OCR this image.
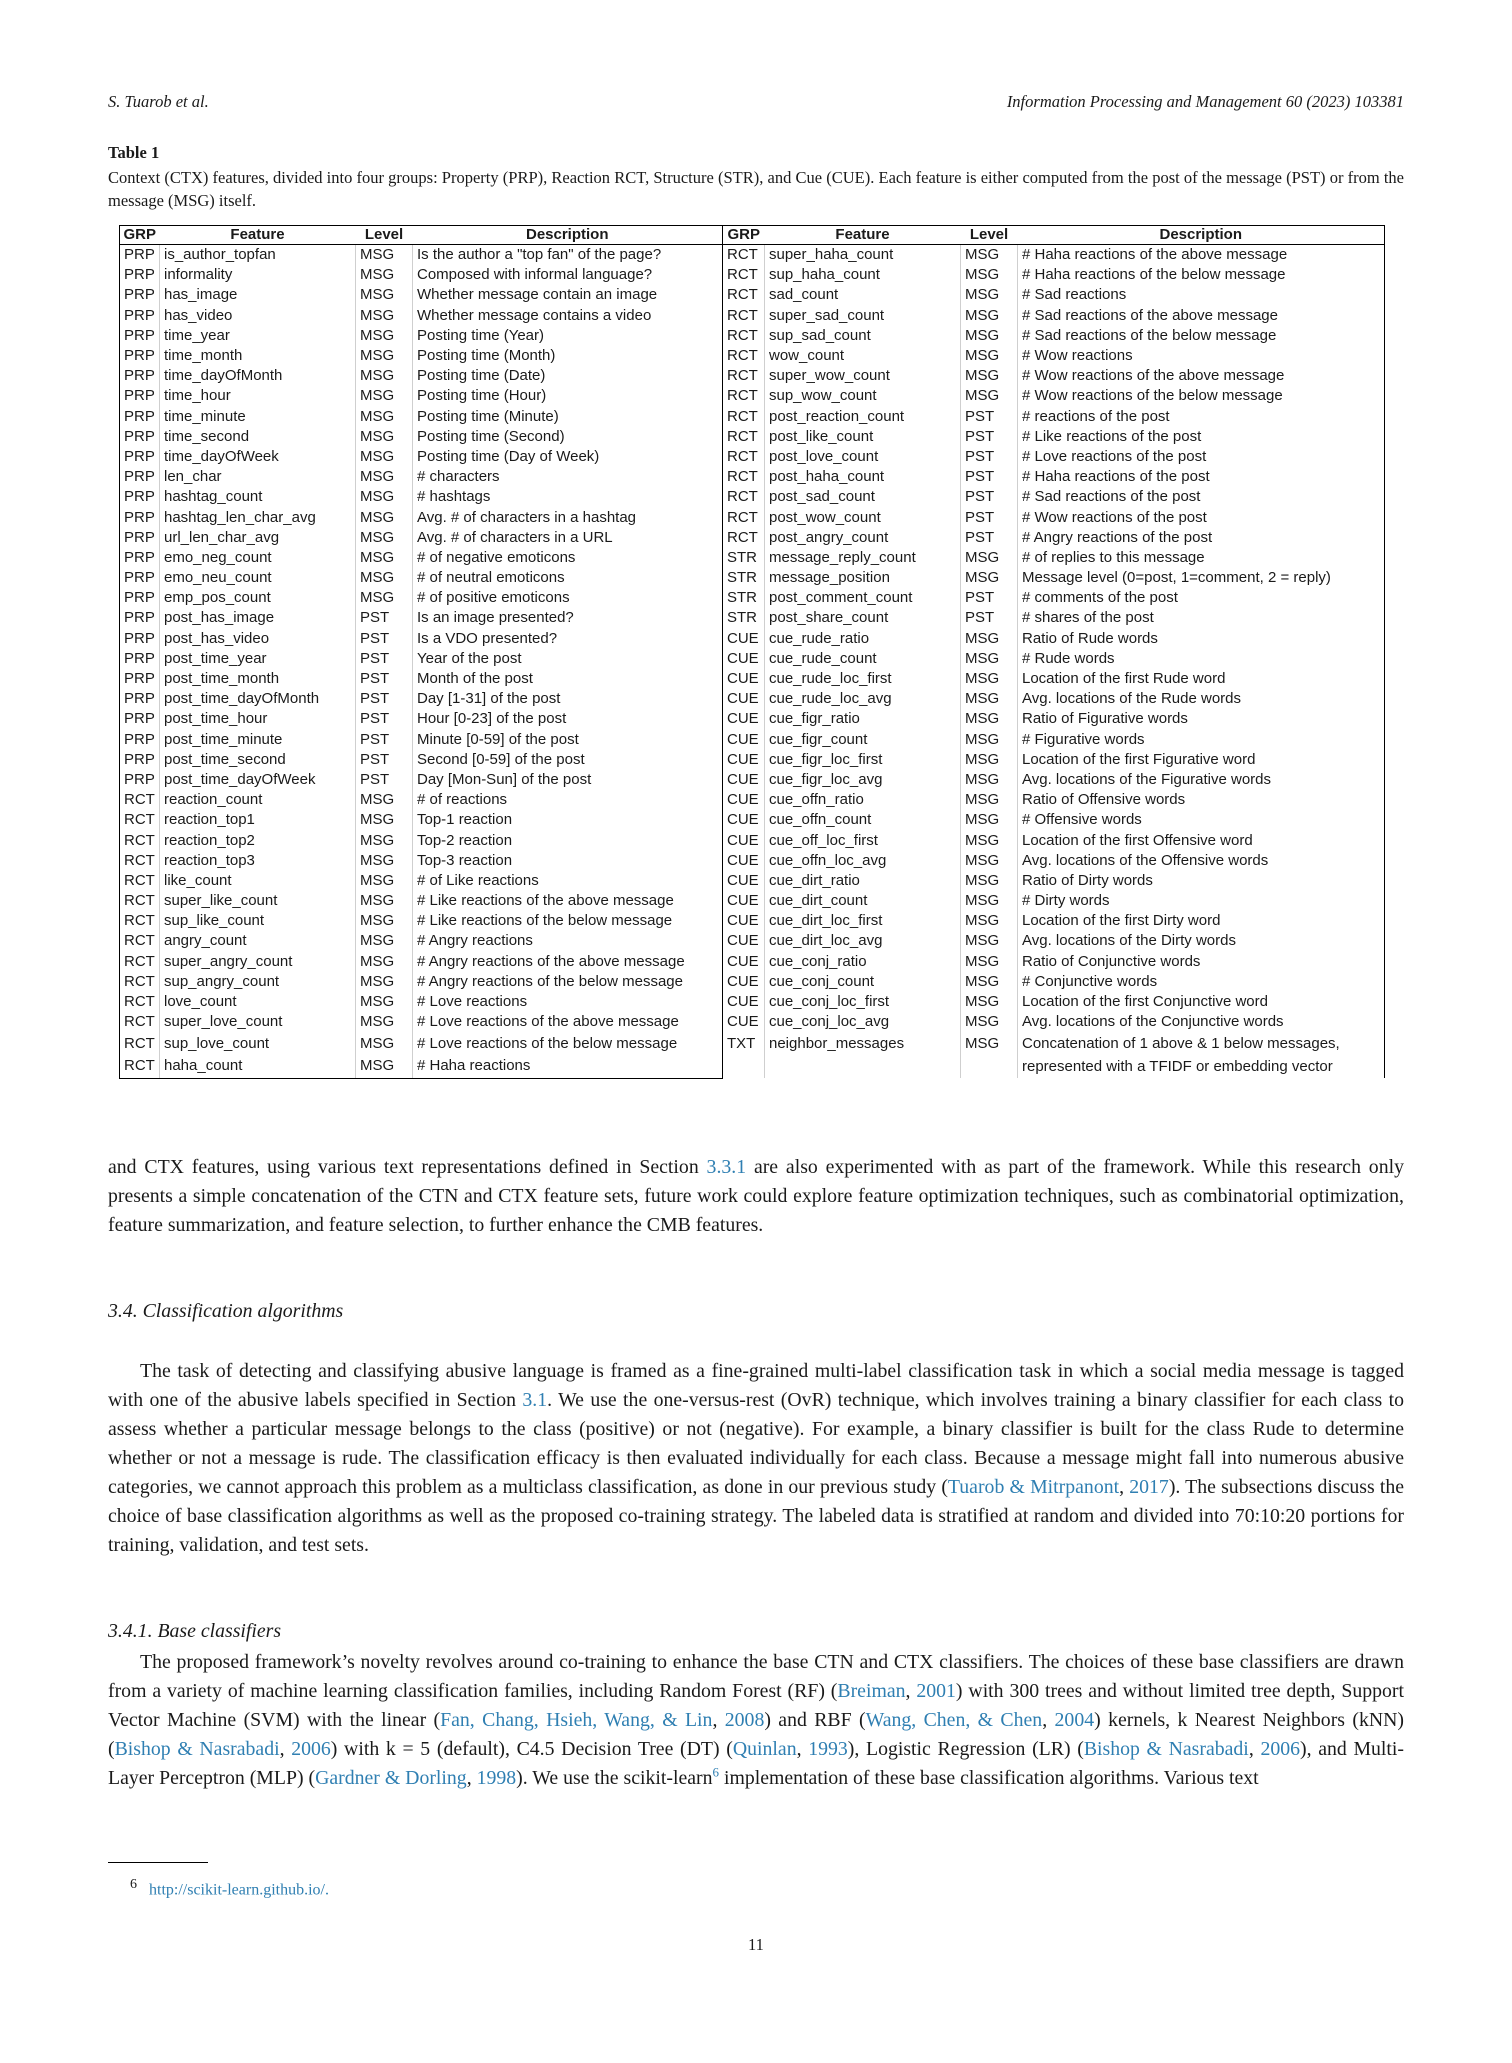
S. Tuarob et al.	Information Processing and Management 60 (2023) 103381
Table 1
Context (CTX) features, divided into four groups: Property (PRP), Reaction RCT, Structure (STR), and Cue (CUE). Each feature is either computed from the post of the message (PST) or from the message (MSG) itself.
GRP	Feature	Level	Description	GRP	Feature	Level	Description
PRP	is_author_topfan	MSG	Is the author a "top fan" of the page?	RCT	super_haha_count	MSG	# Haha reactions of the above message
PRP	informality	MSG	Composed with informal language?	RCT	sup_haha_count	MSG	# Haha reactions of the below message
PRP	has_image	MSG	Whether message contain an image	RCT	sad_count	MSG	# Sad reactions
PRP	has_video	MSG	Whether message contains a video	RCT	super_sad_count	MSG	# Sad reactions of the above message
PRP	time_year	MSG	Posting time (Year)	RCT	sup_sad_count	MSG	# Sad reactions of the below message
PRP	time_month	MSG	Posting time (Month)	RCT	wow_count	MSG	# Wow reactions
PRP	time_dayOfMonth	MSG	Posting time (Date)	RCT	super_wow_count	MSG	# Wow reactions of the above message
PRP	time_hour	MSG	Posting time (Hour)	RCT	sup_wow_count	MSG	# Wow reactions of the below message
PRP	time_minute	MSG	Posting time (Minute)	RCT	post_reaction_count	PST	# reactions of the post
PRP	time_second	MSG	Posting time (Second)	RCT	post_like_count	PST	# Like reactions of the post
PRP	time_dayOfWeek	MSG	Posting time (Day of Week)	RCT	post_love_count	PST	# Love reactions of the post
PRP	len_char	MSG	# characters	RCT	post_haha_count	PST	# Haha reactions of the post
PRP	hashtag_count	MSG	# hashtags	RCT	post_sad_count	PST	# Sad reactions of the post
PRP	hashtag_len_char_avg	MSG	Avg. # of characters in a hashtag	RCT	post_wow_count	PST	# Wow reactions of the post
PRP	url_len_char_avg	MSG	Avg. # of characters in a URL	RCT	post_angry_count	PST	# Angry reactions of the post
PRP	emo_neg_count	MSG	# of negative emoticons	STR	message_reply_count	MSG	# of replies to this message
PRP	emo_neu_count	MSG	# of neutral emoticons	STR	message_position	MSG	Message level (0=post, 1=comment, 2 = reply)
PRP	emp_pos_count	MSG	# of positive emoticons	STR	post_comment_count	PST	# comments of the post
PRP	post_has_image	PST	Is an image presented?	STR	post_share_count	PST	# shares of the post
PRP	post_has_video	PST	Is a VDO presented?	CUE	cue_rude_ratio	MSG	Ratio of Rude words
PRP	post_time_year	PST	Year of the post	CUE	cue_rude_count	MSG	# Rude words
PRP	post_time_month	PST	Month of the post	CUE	cue_rude_loc_first	MSG	Location of the first Rude word
PRP	post_time_dayOfMonth	PST	Day [1-31] of the post	CUE	cue_rude_loc_avg	MSG	Avg. locations of the Rude words
PRP	post_time_hour	PST	Hour [0-23] of the post	CUE	cue_figr_ratio	MSG	Ratio of Figurative words
PRP	post_time_minute	PST	Minute [0-59] of the post	CUE	cue_figr_count	MSG	# Figurative words
PRP	post_time_second	PST	Second [0-59] of the post	CUE	cue_figr_loc_first	MSG	Location of the first Figurative word
PRP	post_time_dayOfWeek	PST	Day [Mon-Sun] of the post	CUE	cue_figr_loc_avg	MSG	Avg. locations of the Figurative words
RCT	reaction_count	MSG	# of reactions	CUE	cue_offn_ratio	MSG	Ratio of Offensive words
RCT	reaction_top1	MSG	Top-1 reaction	CUE	cue_offn_count	MSG	# Offensive words
RCT	reaction_top2	MSG	Top-2 reaction	CUE	cue_off_loc_first	MSG	Location of the first Offensive word
RCT	reaction_top3	MSG	Top-3 reaction	CUE	cue_offn_loc_avg	MSG	Avg. locations of the Offensive words
RCT	like_count	MSG	# of Like reactions	CUE	cue_dirt_ratio	MSG	Ratio of Dirty words
RCT	super_like_count	MSG	# Like reactions of the above message	CUE	cue_dirt_count	MSG	# Dirty words
RCT	sup_like_count	MSG	# Like reactions of the below message	CUE	cue_dirt_loc_first	MSG	Location of the first Dirty word
RCT	angry_count	MSG	# Angry reactions	CUE	cue_dirt_loc_avg	MSG	Avg. locations of the Dirty words
RCT	super_angry_count	MSG	# Angry reactions of the above message	CUE	cue_conj_ratio	MSG	Ratio of Conjunctive words
RCT	sup_angry_count	MSG	# Angry reactions of the below message	CUE	cue_conj_count	MSG	# Conjunctive words
RCT	love_count	MSG	# Love reactions	CUE	cue_conj_loc_first	MSG	Location of the first Conjunctive word
RCT	super_love_count	MSG	# Love reactions of the above message	CUE	cue_conj_loc_avg	MSG	Avg. locations of the Conjunctive words
RCT	sup_love_count	MSG	# Love reactions of the below message	TXT	neighbor_messages	MSG	Concatenation of 1 above & 1 below messages, represented with a TFIDF or embedding vector
RCT	haha_count	MSG	# Haha reactions				
and CTX features, using various text representations defined in Section 3.3.1 are also experimented with as part of the framework. While this research only presents a simple concatenation of the CTN and CTX feature sets, future work could explore feature optimization techniques, such as combinatorial optimization, feature summarization, and feature selection, to further enhance the CMB features.
3.4. Classification algorithms
The task of detecting and classifying abusive language is framed as a fine-grained multi-label classification task in which a social media message is tagged with one of the abusive labels specified in Section 3.1. We use the one-versus-rest (OvR) technique, which involves training a binary classifier for each class to assess whether a particular message belongs to the class (positive) or not (negative). For example, a binary classifier is built for the class Rude to determine whether or not a message is rude. The classification efficacy is then evaluated individually for each class. Because a message might fall into numerous abusive categories, we cannot approach this problem as a multiclass classification, as done in our previous study (Tuarob & Mitrpanont, 2017). The subsections discuss the choice of base classification algorithms as well as the proposed co-training strategy. The labeled data is stratified at random and divided into 70:10:20 portions for training, validation, and test sets.
3.4.1. Base classifiers
The proposed framework’s novelty revolves around co-training to enhance the base CTN and CTX classifiers. The choices of these base classifiers are drawn from a variety of machine learning classification families, including Random Forest (RF) (Breiman, 2001) with 300 trees and without limited tree depth, Support Vector Machine (SVM) with the linear (Fan, Chang, Hsieh, Wang, & Lin, 2008) and RBF (Wang, Chen, & Chen, 2004) kernels, k Nearest Neighbors (kNN) (Bishop & Nasrabadi, 2006) with k = 5 (default), C4.5 Decision Tree (DT) (Quinlan, 1993), Logistic Regression (LR) (Bishop & Nasrabadi, 2006), and Multi-Layer Perceptron (MLP) (Gardner & Dorling, 1998). We use the scikit-learn$^6$ implementation of these base classification algorithms. Various text
6 http://scikit-learn.github.io/.
11
